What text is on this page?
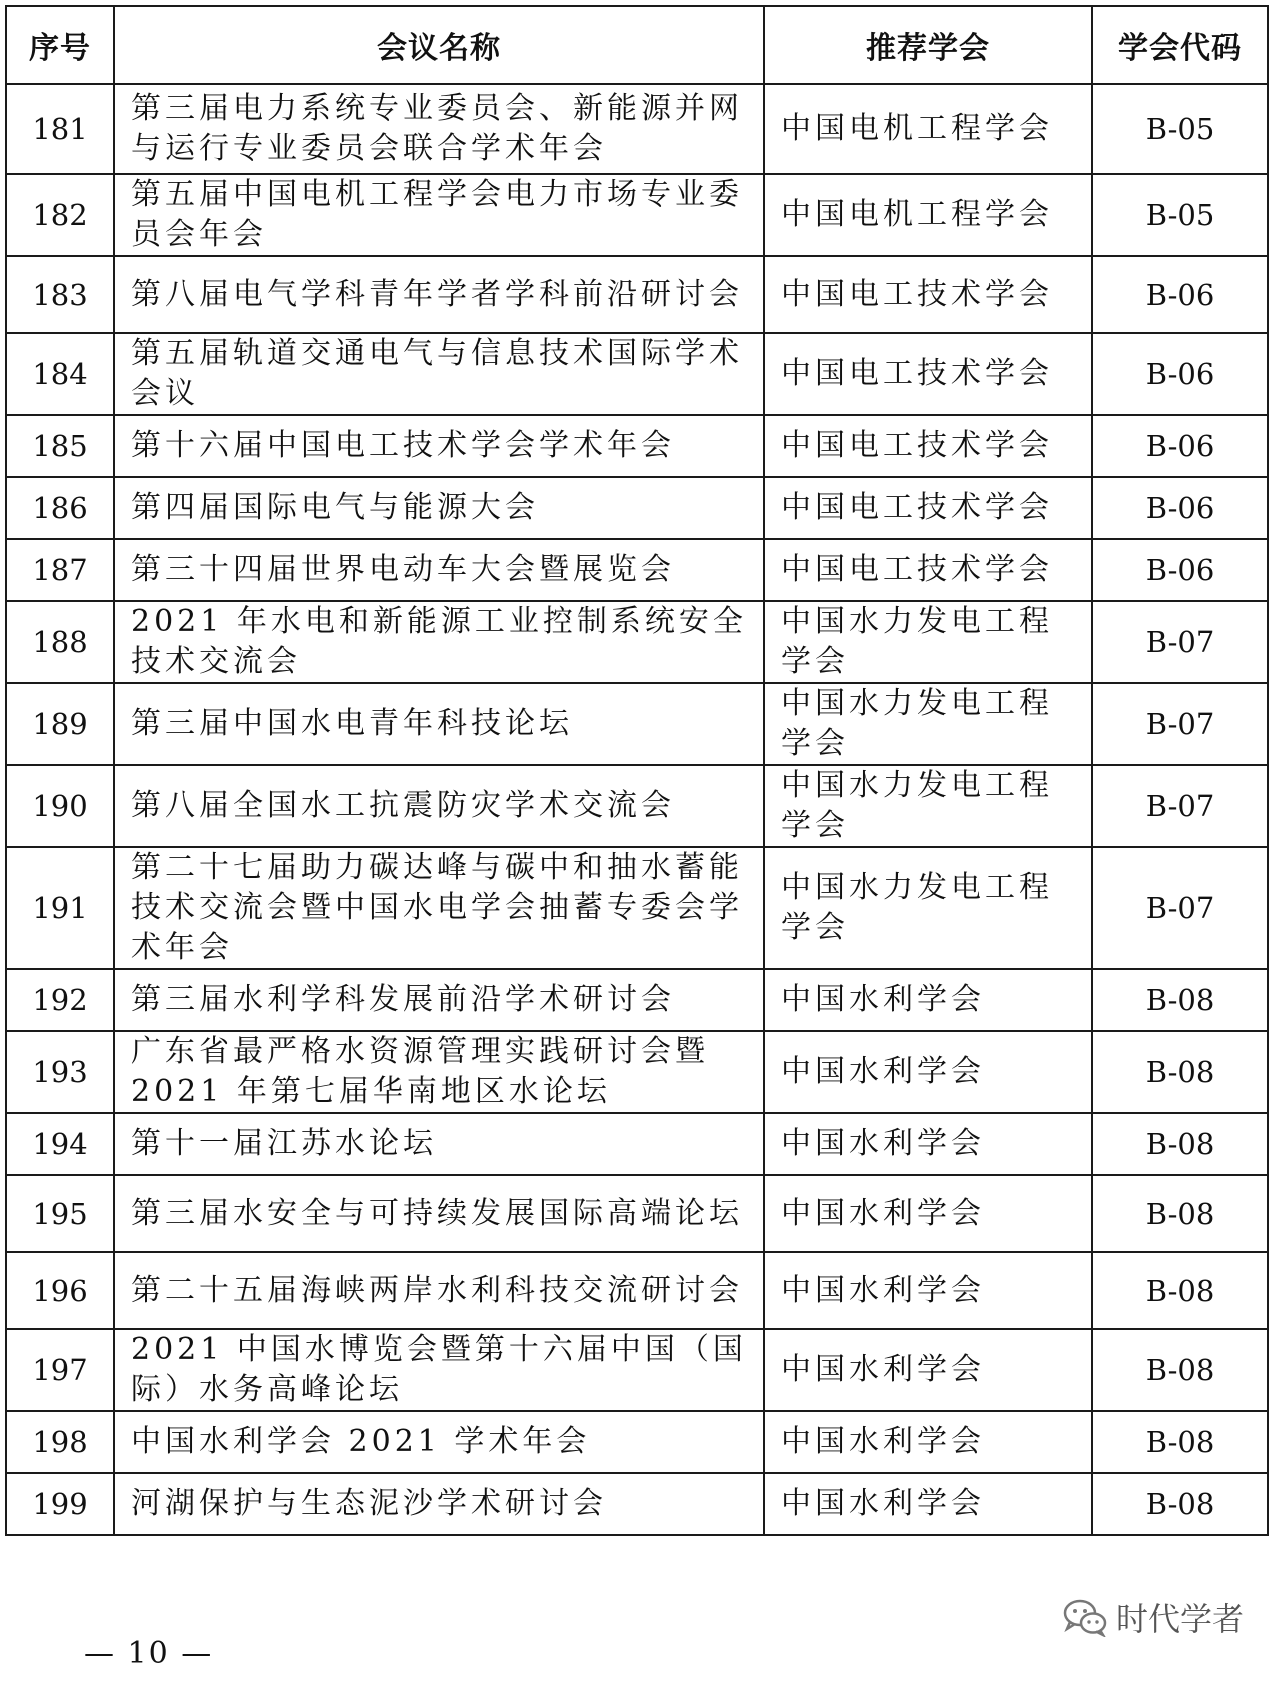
序号	会议名称	推荐学会	学会代码
181	第三届电力系统专业委员会、新能源并网与运行专业委员会联合学术年会	中国电机工程学会	B-05
182	第五届中国电机工程学会电力市场专业委员会年会	中国电机工程学会	B-05
183	第八届电气学科青年学者学科前沿研讨会	中国电工技术学会	B-06
184	第五届轨道交通电气与信息技术国际学术会议	中国电工技术学会	B-06
185	第十六届中国电工技术学会学术年会	中国电工技术学会	B-06
186	第四届国际电气与能源大会	中国电工技术学会	B-06
187	第三十四届世界电动车大会暨展览会	中国电工技术学会	B-06
188	2021 年水电和新能源工业控制系统安全技术交流会	中国水力发电工程学会	B-07
189	第三届中国水电青年科技论坛	中国水力发电工程学会	B-07
190	第八届全国水工抗震防灾学术交流会	中国水力发电工程学会	B-07
191	第二十七届助力碳达峰与碳中和抽水蓄能技术交流会暨中国水电学会抽蓄专委会学术年会	中国水力发电工程学会	B-07
192	第三届水利学科发展前沿学术研讨会	中国水利学会	B-08
193	广东省最严格水资源管理实践研讨会暨2021 年第七届华南地区水论坛	中国水利学会	B-08
194	第十一届江苏水论坛	中国水利学会	B-08
195	第三届水安全与可持续发展国际高端论坛	中国水利学会	B-08
196	第二十五届海峡两岸水利科技交流研讨会	中国水利学会	B-08
197	2021 中国水博览会暨第十六届中国（国际）水务高峰论坛	中国水利学会	B-08
198	中国水利学会 2021 学术年会	中国水利学会	B-08
199	河湖保护与生态泥沙学术研讨会	中国水利学会	B-08
时代学者
— 10 —
